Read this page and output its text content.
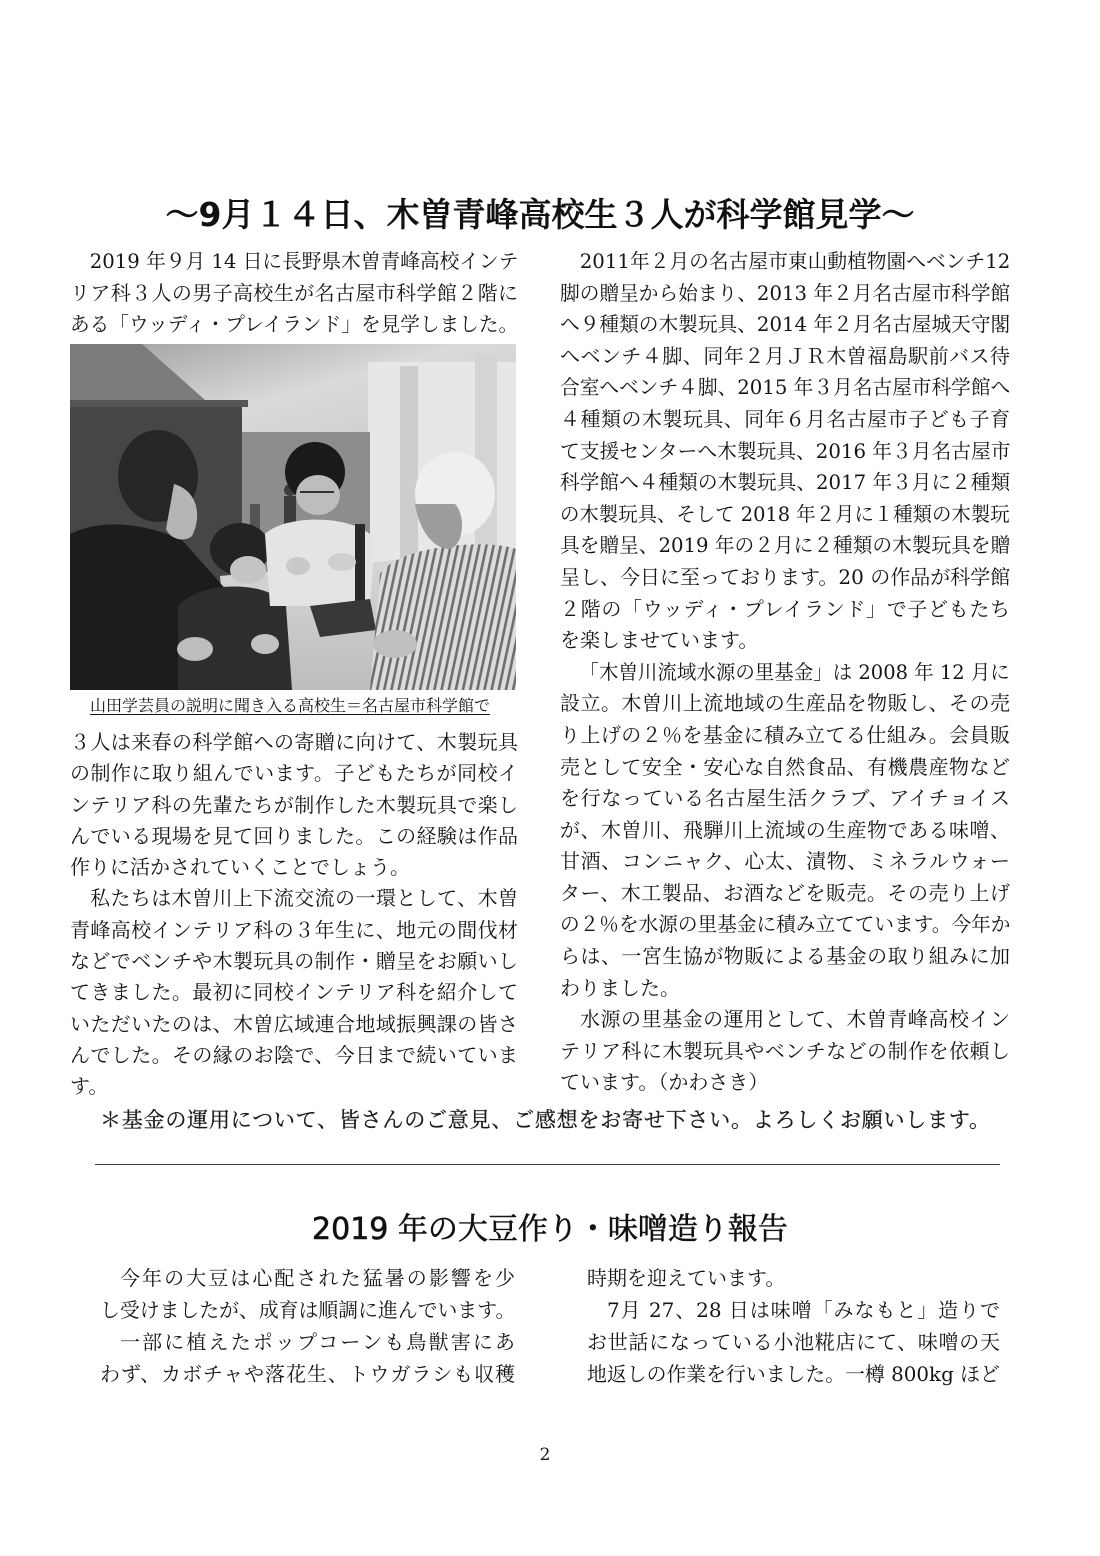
～9月１４日、木曽青峰高校生３人が科学館見学～
2019 年９月 14 日に長野県木曽青峰高校インテ
リア科３人の男子高校生が名古屋市科学館２階に
ある「ウッディ・プレイランド」を見学しました。
山田学芸員の説明に聞き入る高校生＝名古屋市科学館で
３人は来春の科学館への寄贈に向けて、木製玩具
の制作に取り組んでいます。子どもたちが同校イ
ンテリア科の先輩たちが制作した木製玩具で楽し
んでいる現場を見て回りました。この経験は作品
作りに活かされていくことでしょう。
私たちは木曽川上下流交流の一環として、木曽
青峰高校インテリア科の３年生に、地元の間伐材
などでベンチや木製玩具の制作・贈呈をお願いし
てきました。最初に同校インテリア科を紹介して
いただいたのは、木曽広域連合地域振興課の皆さ
んでした。その縁のお陰で、今日まで続いていま
す。
2011年２月の名古屋市東山動植物園へベンチ12
脚の贈呈から始まり、2013 年２月名古屋市科学館
へ９種類の木製玩具、2014 年２月名古屋城天守閣
へベンチ４脚、同年２月ＪＲ木曽福島駅前バス待
合室へベンチ４脚、2015 年３月名古屋市科学館へ
４種類の木製玩具、同年６月名古屋市子ども子育
て支援センターへ木製玩具、2016 年３月名古屋市
科学館へ４種類の木製玩具、2017 年３月に２種類
の木製玩具、そして 2018 年２月に１種類の木製玩
具を贈呈、2019 年の２月に２種類の木製玩具を贈
呈し、今日に至っております。20 の作品が科学館
２階の「ウッディ・プレイランド」で子どもたち
を楽しませています。
「木曽川流域水源の里基金」は 2008 年 12 月に
設立。木曽川上流地域の生産品を物販し、その売
り上げの２％を基金に積み立てる仕組み。会員販
売として安全・安心な自然食品、有機農産物など
を行なっている名古屋生活クラブ、アイチョイス
が、木曽川、飛騨川上流域の生産物である味噌、
甘酒、コンニャク、心太、漬物、ミネラルウォー
ター、木工製品、お酒などを販売。その売り上げ
の２％を水源の里基金に積み立てています。今年か
らは、一宮生協が物販による基金の取り組みに加
わりました。
水源の里基金の運用として、木曽青峰高校イン
テリア科に木製玩具やベンチなどの制作を依頼し
ています。（かわさき）
＊基金の運用について、皆さんのご意見、ご感想をお寄せ下さい。よろしくお願いします。
2019 年の大豆作り・味噌造り報告
今年の大豆は心配された猛暑の影響を少
し受けましたが、成育は順調に進んでいます。
一部に植えたポップコーンも鳥獣害にあ
わず、カボチャや落花生、トウガラシも収穫
時期を迎えています。
7月 27、28 日は味噌「みなもと」造りで
お世話になっている小池糀店にて、味噌の天
地返しの作業を行いました。一樽 800kg ほど
2
